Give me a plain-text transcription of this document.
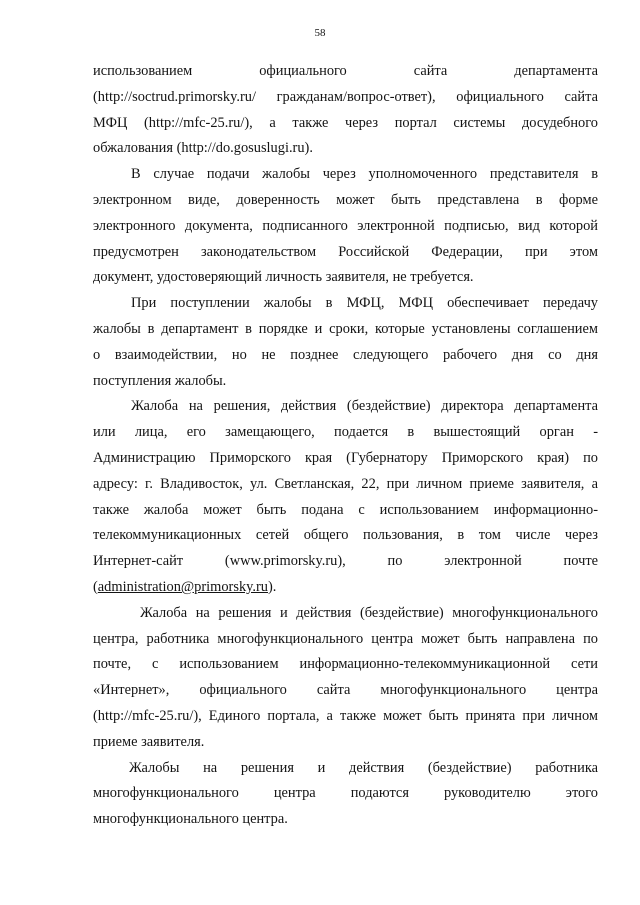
58
использованием официального сайта департамента
(http://soctrud.primorsky.ru/ гражданам/вопрос-ответ), официального сайта
МФЦ (http://mfc-25.ru/), а также через портал системы досудебного
обжалования (http://do.gosuslugi.ru).
В случае подачи жалобы через уполномоченного представителя в
электронном виде, доверенность может быть представлена в форме
электронного документа, подписанного электронной подписью, вид которой
предусмотрен законодательством Российской Федерации, при этом
документ, удостоверяющий личность заявителя, не требуется.
При поступлении жалобы в МФЦ, МФЦ обеспечивает передачу
жалобы в департамент в порядке и сроки, которые установлены соглашением
о взаимодействии, но не позднее следующего рабочего дня со дня
поступления жалобы.
Жалоба на решения, действия (бездействие) директора департамента
или лица, его замещающего, подается в вышестоящий орган -
Администрацию Приморского края (Губернатору Приморского края) по
адресу: г. Владивосток, ул. Светланская, 22, при личном приеме заявителя, а
также жалоба может быть подана с использованием информационно-
телекоммуникационных сетей общего пользования, в том числе через
Интернет-сайт (www.primorsky.ru), по электронной почте
(administration@primorsky.ru).
Жалоба на решения и действия (бездействие) многофункционального
центра, работника многофункционального центра может быть направлена по
почте, с использованием информационно-телекоммуникационной сети
«Интернет», официального сайта многофункционального центра
(http://mfc-25.ru/), Единого портала, а также может быть принята при личном
приеме заявителя.
Жалобы на решения и действия (бездействие) работника
многофункционального центра подаются руководителю этого
многофункционального центра.
